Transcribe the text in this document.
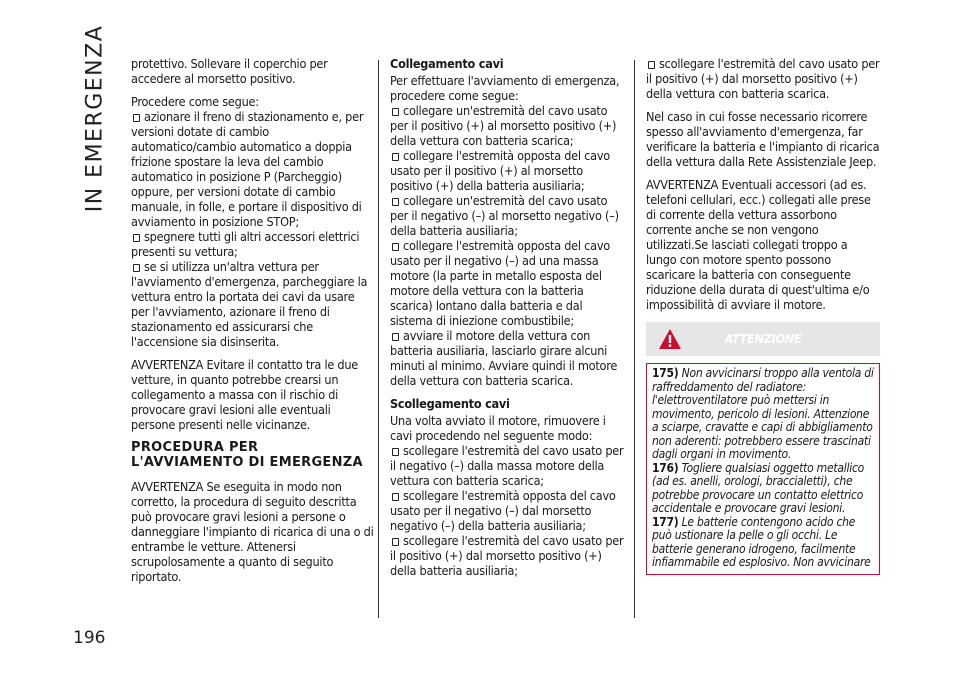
IN EMERGENZA
196

protettivo. Sollevare il coperchio per accedere al morsetto positivo.

Procedere come segue:

azionare il freno di stazionamento e, per versioni dotate di cambio automatico/cambio automatico a doppia frizione spostare la leva del cambio automatico in posizione P (Parcheggio) oppure, per versioni dotate di cambio manuale, in folle, e portare il dispositivo di avviamento in posizione STOP;

spegnere tutti gli altri accessori elettrici presenti su vettura;

se si utilizza un'altra vettura per l'avviamento d'emergenza, parcheggiare la vettura entro la portata dei cavi da usare per l'avviamento, azionare il freno di stazionamento ed assicurarsi che l'accensione sia disinserita.

AVVERTENZA Evitare il contatto tra le due vetture, in quanto potrebbe crearsi un collegamento a massa con il rischio di provocare gravi lesioni alle eventuali persone presenti nelle vicinanze.

PROCEDURA PER
L'AVVIAMENTO DI EMERGENZA

AVVERTENZA Se eseguita in modo non corretto, la procedura di seguito descritta può provocare gravi lesioni a persone o danneggiare l'impianto di ricarica di una o di entrambe le vetture. Attenersi scrupolosamente a quanto di seguito riportato.

Collegamento cavi

Per effettuare l'avviamento di emergenza, procedere come segue:

collegare un'estremità del cavo usato per il positivo (+) al morsetto positivo (+) della vettura con batteria scarica;

collegare l'estremità opposta del cavo usato per il positivo (+) al morsetto positivo (+) della batteria ausiliaria;

collegare un'estremità del cavo usato per il negativo (–) al morsetto negativo (–) della batteria ausiliaria;

collegare l'estremità opposta del cavo usato per il negativo (–) ad una massa motore (la parte in metallo esposta del motore della vettura con la batteria scarica) lontano dalla batteria e dal sistema di iniezione combustibile;

avviare il motore della vettura con batteria ausiliaria, lasciarlo girare alcuni minuti al minimo. Avviare quindi il motore della vettura con batteria scarica.

Scollegamento cavi

Una volta avviato il motore, rimuovere i cavi procedendo nel seguente modo:

scollegare l'estremità del cavo usato per il negativo (–) dalla massa motore della vettura con batteria scarica;

scollegare l'estremità opposta del cavo usato per il negativo (–) dal morsetto negativo (–) della batteria ausiliaria;

scollegare l'estremità del cavo usato per il positivo (+) dal morsetto positivo (+) della batteria ausiliaria;

scollegare l'estremità del cavo usato per il positivo (+) dal morsetto positivo (+) della vettura con batteria scarica.

Nel caso in cui fosse necessario ricorrere spesso all'avviamento d'emergenza, far verificare la batteria e l'impianto di ricarica della vettura dalla Rete Assistenziale Jeep.

AVVERTENZA Eventuali accessori (ad es. telefoni cellulari, ecc.) collegati alle prese di corrente della vettura assorbono corrente anche se non vengono utilizzati.Se lasciati collegati troppo a lungo con motore spento possono scaricare la batteria con conseguente riduzione della durata di quest'ultima e/o impossibilità di avviare il motore.

ATTENZIONE

175) Non avvicinarsi troppo alla ventola di raffreddamento del radiatore: l'elettroventilatore può mettersi in movimento, pericolo di lesioni. Attenzione a sciarpe, cravatte e capi di abbigliamento non aderenti: potrebbero essere trascinati dagli organi in movimento.

176) Togliere qualsiasi oggetto metallico (ad es. anelli, orologi, braccialetti), che potrebbe provocare un contatto elettrico accidentale e provocare gravi lesioni.

177) Le batterie contengono acido che può ustionare la pelle o gli occhi. Le batterie generano idrogeno, facilmente infiammabile ed esplosivo. Non avvicinare
